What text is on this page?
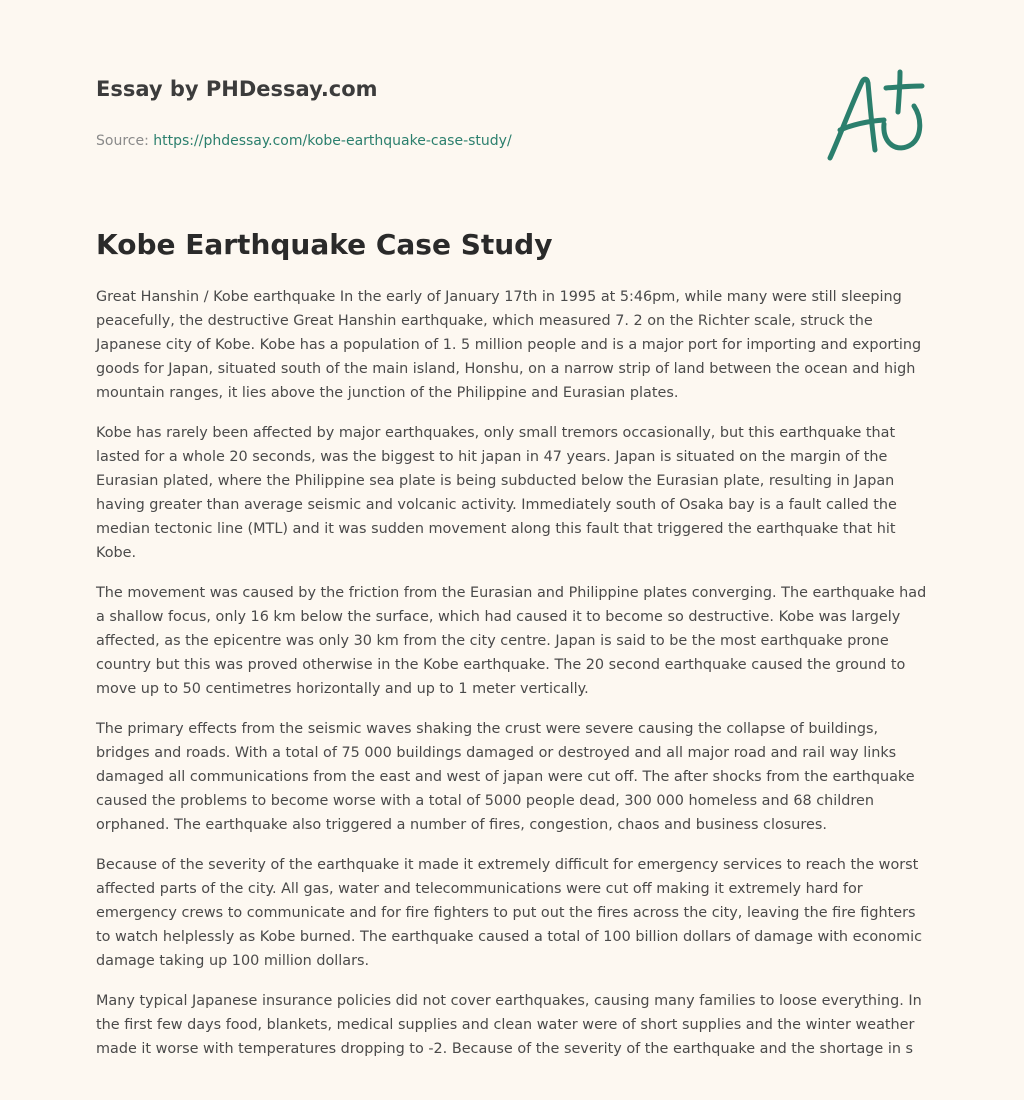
Essay by PHDessay.com
Source: https://phdessay.com/kobe-earthquake-case-study/
Kobe Earthquake Case Study

Great Hanshin / Kobe earthquake In the early of January 17th in 1995 at 5:46pm, while many were still sleeping peacefully, the destructive Great Hanshin earthquake, which measured 7. 2 on the Richter scale, struck the Japanese city of Kobe. Kobe has a population of 1. 5 million people and is a major port for importing and exporting goods for Japan, situated south of the main island, Honshu, on a narrow strip of land between the ocean and high mountain ranges, it lies above the junction of the Philippine and Eurasian plates.

Kobe has rarely been affected by major earthquakes, only small tremors occasionally, but this earthquake that lasted for a whole 20 seconds, was the biggest to hit japan in 47 years. Japan is situated on the margin of the Eurasian plated, where the Philippine sea plate is being subducted below the Eurasian plate, resulting in Japan having greater than average seismic and volcanic activity. Immediately south of Osaka bay is a fault called the median tectonic line (MTL) and it was sudden movement along this fault that triggered the earthquake that hit Kobe.

The movement was caused by the friction from the Eurasian and Philippine plates converging. The earthquake had a shallow focus, only 16 km below the surface, which had caused it to become so destructive. Kobe was largely affected, as the epicentre was only 30 km from the city centre. Japan is said to be the most earthquake prone country but this was proved otherwise in the Kobe earthquake. The 20 second earthquake caused the ground to move up to 50 centimetres horizontally and up to 1 meter vertically.

The primary effects from the seismic waves shaking the crust were severe causing the collapse of buildings, bridges and roads. With a total of 75 000 buildings damaged or destroyed and all major road and rail way links damaged all communications from the east and west of japan were cut off. The after shocks from the earthquake caused the problems to become worse with a total of 5000 people dead, 300 000 homeless and 68 children orphaned. The earthquake also triggered a number of fires, congestion, chaos and business closures.

Because of the severity of the earthquake it made it extremely difficult for emergency services to reach the worst affected parts of the city. All gas, water and telecommunications were cut off making it extremely hard for emergency crews to communicate and for fire fighters to put out the fires across the city, leaving the fire fighters to watch helplessly as Kobe burned. The earthquake caused a total of 100 billion dollars of damage with economic damage taking up 100 million dollars.

Many typical Japanese insurance policies did not cover earthquakes, causing many families to loose everything. In the first few days food, blankets, medical supplies and clean water were of short supplies and the winter weather made it worse with temperatures dropping to -2. Because of the severity of the earthquake and the shortage in s
